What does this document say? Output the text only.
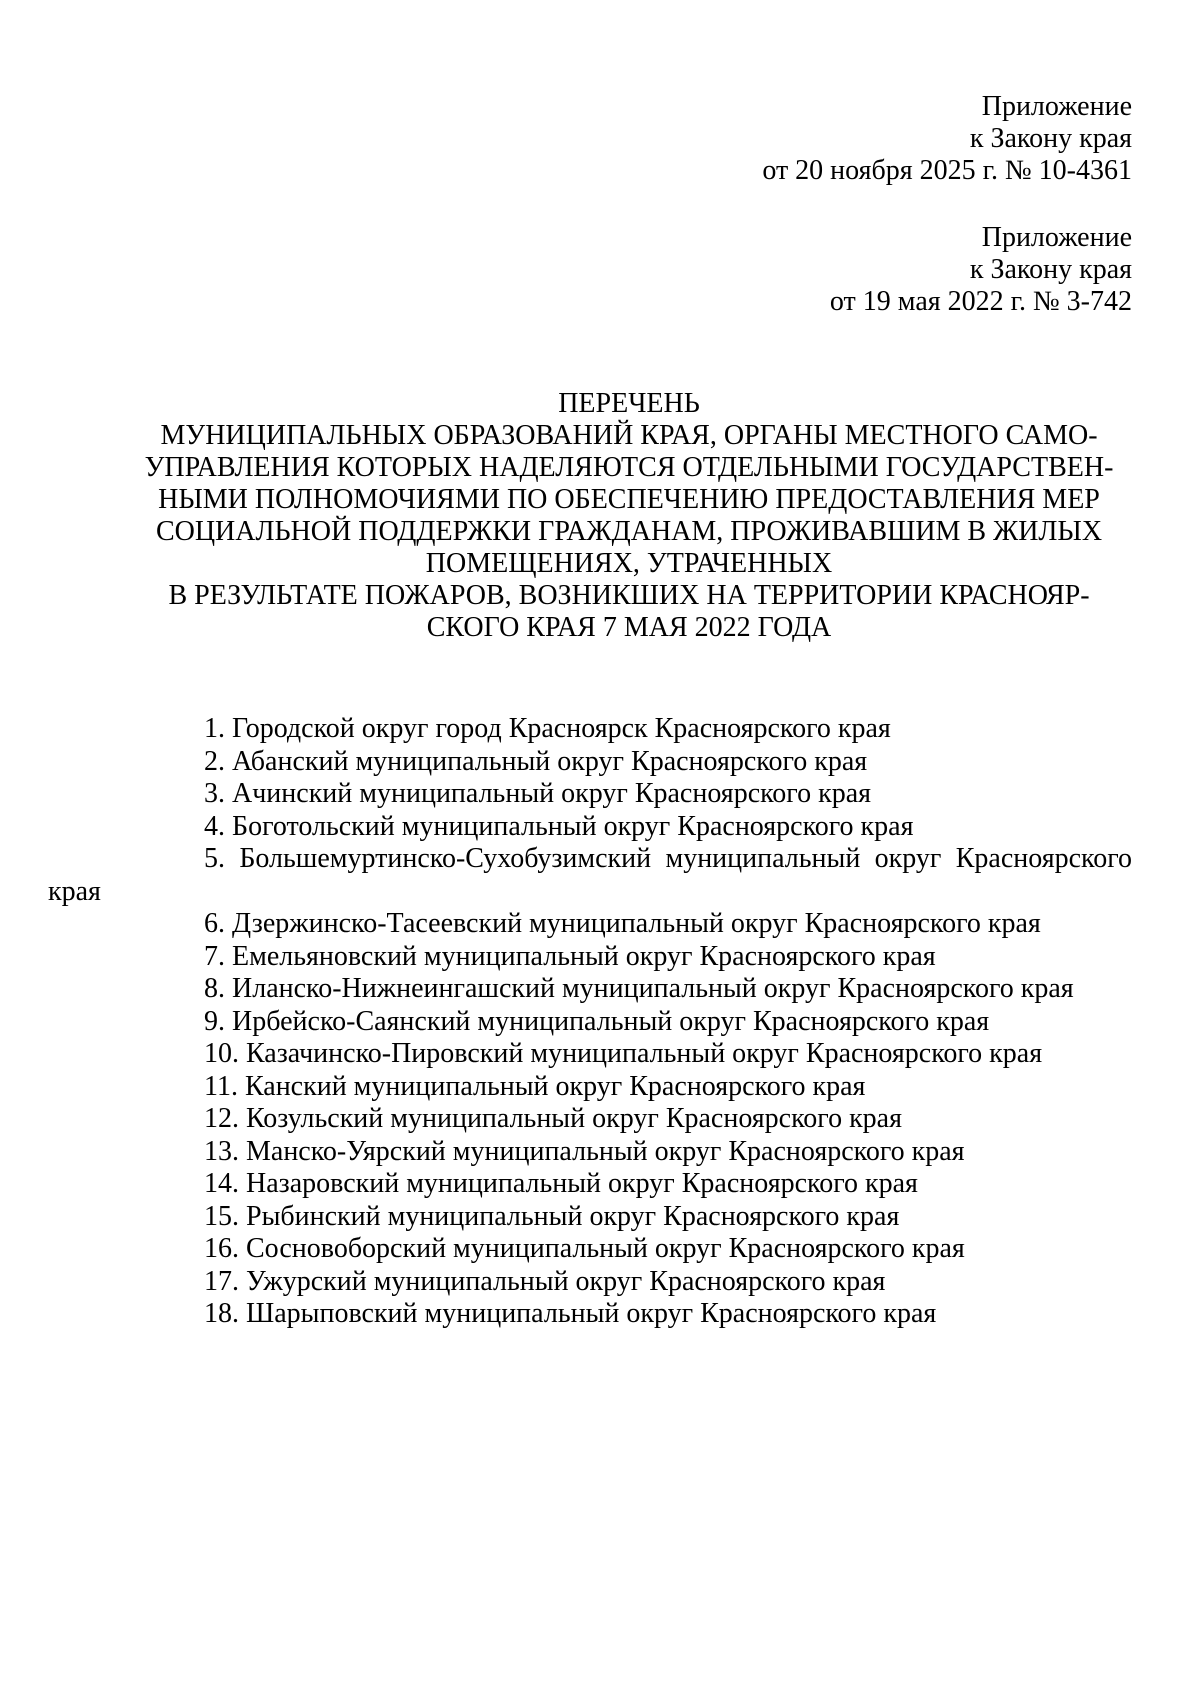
Приложение
к Закону края
от 20 ноября 2025 г. № 10-4361
Приложение
к Закону края
от 19 мая 2022 г. № 3-742
ПЕРЕЧЕНЬ
МУНИЦИПАЛЬНЫХ ОБРАЗОВАНИЙ КРАЯ, ОРГАНЫ МЕСТНОГО САМО-
УПРАВЛЕНИЯ КОТОРЫХ НАДЕЛЯЮТСЯ ОТДЕЛЬНЫМИ ГОСУДАРСТВЕН-
НЫМИ ПОЛНОМОЧИЯМИ ПО ОБЕСПЕЧЕНИЮ ПРЕДОСТАВЛЕНИЯ МЕР
СОЦИАЛЬНОЙ ПОДДЕРЖКИ ГРАЖДАНАМ, ПРОЖИВАВШИМ В ЖИЛЫХ
ПОМЕЩЕНИЯХ, УТРАЧЕННЫХ
В РЕЗУЛЬТАТЕ ПОЖАРОВ, ВОЗНИКШИХ НА ТЕРРИТОРИИ КРАСНОЯР-
СКОГО КРАЯ 7 МАЯ 2022 ГОДА
1. Городской округ город Красноярск Красноярского края
2. Абанский муниципальный округ Красноярского края
3. Ачинский муниципальный округ Красноярского края
4. Боготольский муниципальный округ Красноярского края
5. Большемуртинско-Сухобузимский муниципальный округ Красноярского
края
6. Дзержинско-Тасеевский муниципальный округ Красноярского края
7. Емельяновский муниципальный округ Красноярского края
8. Иланско-Нижнеингашский муниципальный округ Красноярского края
9. Ирбейско-Саянский муниципальный округ Красноярского края
10. Казачинско-Пировский муниципальный округ Красноярского края
11. Канский муниципальный округ Красноярского края
12. Козульский муниципальный округ Красноярского края
13. Манско-Уярский муниципальный округ Красноярского края
14. Назаровский муниципальный округ Красноярского края
15. Рыбинский муниципальный округ Красноярского края
16. Сосновоборский муниципальный округ Красноярского края
17. Ужурский муниципальный округ Красноярского края
18. Шарыповский муниципальный округ Красноярского края
